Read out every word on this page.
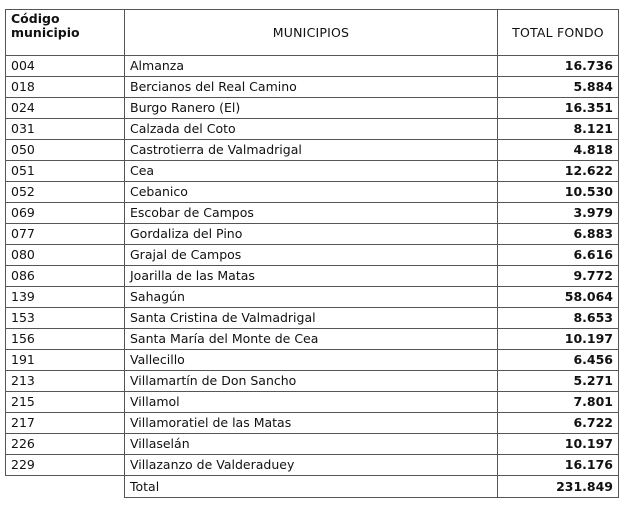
Código municipio	MUNICIPIOS	TOTAL FONDO
004	Almanza	16.736
018	Bercianos del Real Camino	5.884
024	Burgo Ranero (El)	16.351
031	Calzada del Coto	8.121
050	Castrotierra de Valmadrigal	4.818
051	Cea	12.622
052	Cebanico	10.530
069	Escobar de Campos	3.979
077	Gordaliza del Pino	6.883
080	Grajal de Campos	6.616
086	Joarilla de las Matas	9.772
139	Sahagún	58.064
153	Santa Cristina de Valmadrigal	8.653
156	Santa María del Monte de Cea	10.197
191	Vallecillo	6.456
213	Villamartín de Don Sancho	5.271
215	Villamol	7.801
217	Villamoratiel de las Matas	6.722
226	Villaselán	10.197
229	Villazanzo de Valderaduey	16.176
	Total	231.849
